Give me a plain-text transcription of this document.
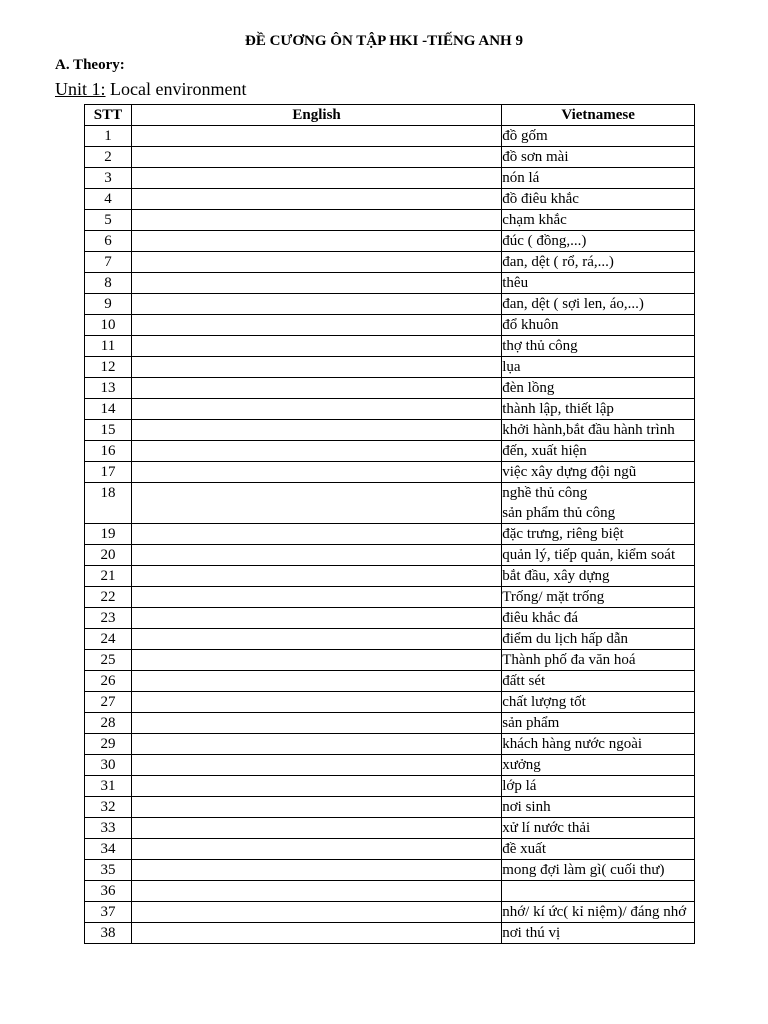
ĐỀ CƯƠNG ÔN TẬP HKI -TIẾNG ANH 9
A. Theory:
Unit 1: Local environment
STT	English	Vietnamese
1		đồ gốm
2		đồ sơn mài
3		nón lá
4		đồ điêu khắc
5		chạm khắc
6		đúc ( đồng,...)
7		đan, dệt ( rổ, rá,...)
8		thêu
9		đan, dệt ( sợi len, áo,...)
10		đổ khuôn
11		thợ thủ công
12		lụa
13		đèn lồng
14		thành lập, thiết lập
15		khởi hành,bắt đầu hành trình
16		đến, xuất hiện
17		việc xây dựng đội ngũ
18		nghề thủ công
sản phẩm thủ công
19		đặc trưng, riêng biệt
20		quản lý, tiếp quản, kiểm soát
21		bắt đầu, xây dựng
22		Trống/ mặt trống
23		điêu khắc đá
24		điểm du lịch hấp dẫn
25		Thành phố đa văn hoá
26		đấtt sét
27		chất lượng tốt
28		sản phẩm
29		khách hàng nước ngoài
30		xưởng
31		lớp lá
32		nơi sinh
33		xử lí nước thải
34		đề xuất
35		mong đợi làm gì( cuối thư)
36		
37		nhớ/ kí ức( kỉ niệm)/ đáng nhớ
38		nơi thú vị
